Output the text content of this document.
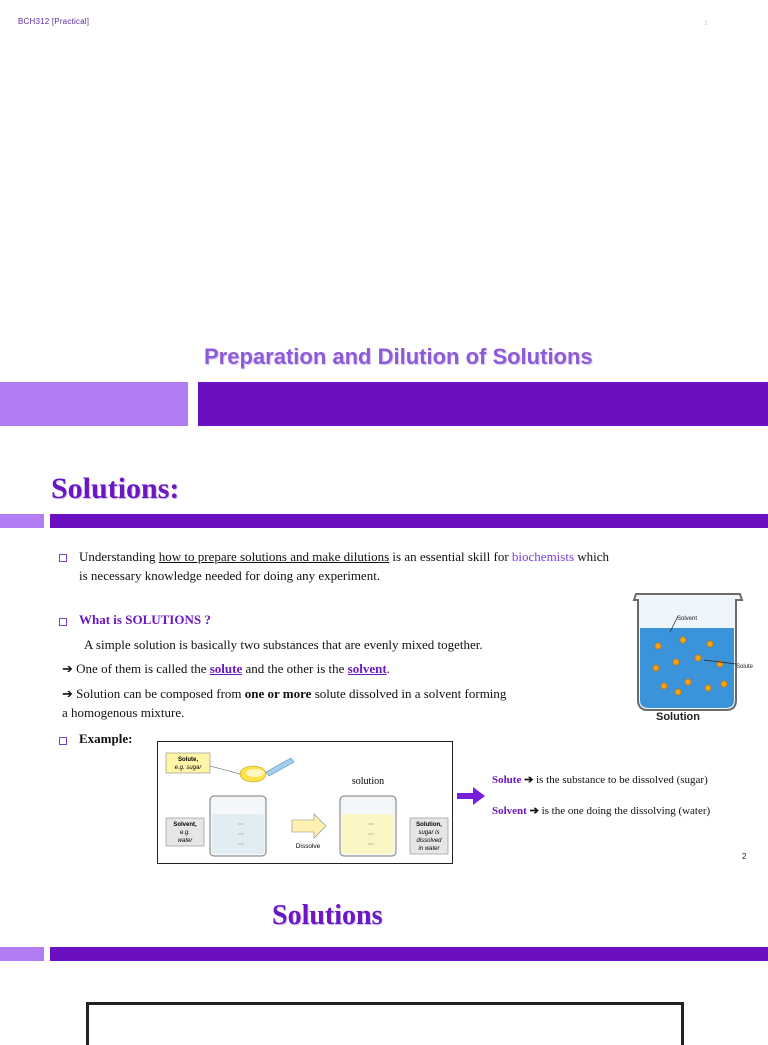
BCH312 [Practical]	1
Preparation and Dilution of Solutions
Solutions:
Understanding how to prepare solutions and make dilutions is an essential skill for biochemists which
is necessary knowledge needed for doing any experiment.
What is SOLUTIONS ?
A simple solution is basically two substances that are evenly mixed together.
➔ One of them is called the solute and the other is the solvent.
➔ Solution can be composed from one or more solute dissolved in a solvent forming
a homogenous mixture.
Example:
Solvent
Solute
Solution
Solute,
e.g. sugar
solution
Solvent,
e.g.
water
Dissolve
Solution,
sugar is
dissolved
in water
Solute ➔ is the substance to be dissolved (sugar)
Solvent ➔ is the one doing the dissolving (water)
2
Solutions
